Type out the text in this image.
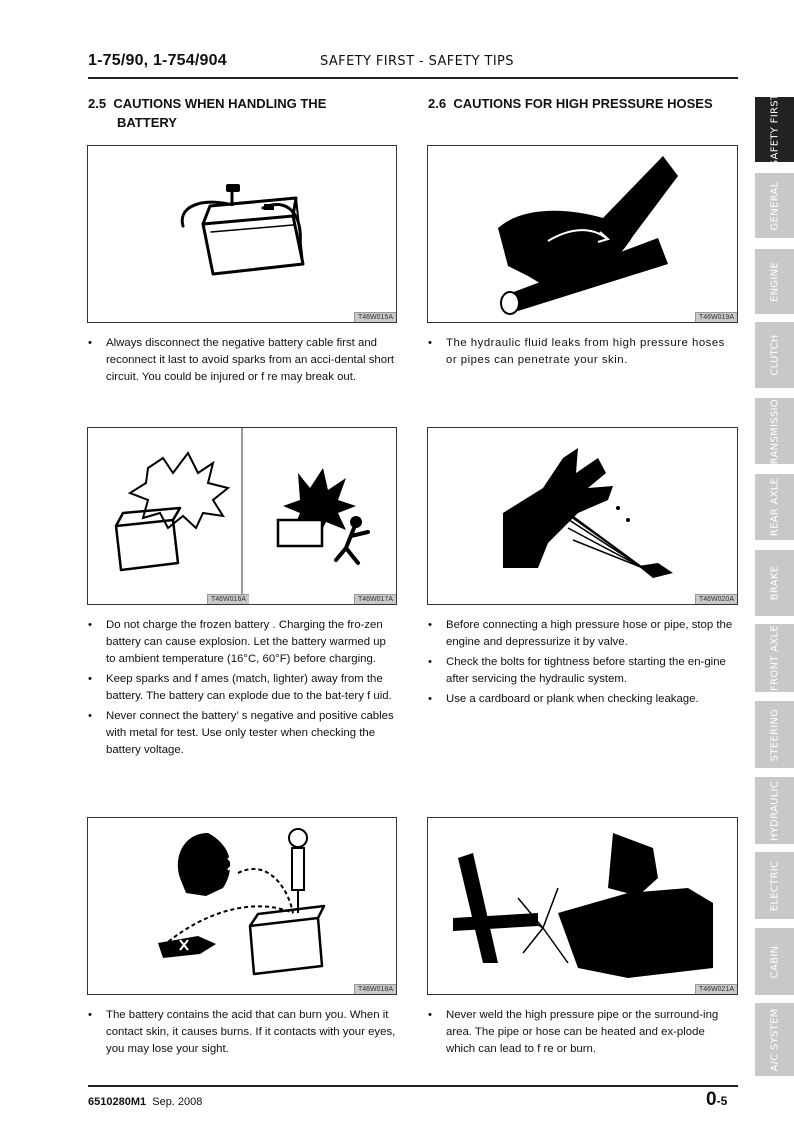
1-75/90, 1-754/904	SAFETY FIRST - SAFETY TIPS
2.5 CAUTIONS WHEN HANDLING THE
BATTERY
2.6 CAUTIONS FOR HIGH PRESSURE HOSES
T46W015A	T46W019A
• Always disconnect the negative battery cable first and reconnect it last to avoid sparks from an acci-dental short circuit. You could be injured or f re may break out.
• The hydraulic fluid leaks from high pressure hoses or pipes can penetrate your skin.
T46W016A	T46W017A	T46W020A
• Do not charge the frozen battery . Charging the fro-zen battery can cause explosion. Let the battery warmed up to ambient temperature (16°C, 60°F) before charging.
• Keep sparks and f ames (match, lighter) away from the battery. The battery can explode due to the bat-tery f uid.
• Never connect the battery’ s negative and positive cables with metal for test. Use only tester when checking the battery voltage.
• Before connecting a high pressure hose or pipe, stop the engine and depressurize it by valve.
• Check the bolts for tightness before starting the en-gine after servicing the hydraulic system.
• Use a cardboard or plank when checking leakage.
T46W018A	T46W021A
• The battery contains the acid that can burn you. When it contact skin, it causes burns. If it contacts with your eyes, you may lose your sight.
• Never weld the high pressure pipe or the surround-ing area. The pipe or hose can be heated and ex-plode which can lead to f re or burn.
SAFETY FIRST
GENERAL
ENGINE
CLUTCH
TRANSMISSION
REAR AXLE
BRAKE
FRONT AXLE
STEERING
HYDRAULIC
ELECTRIC
CABIN
A/C SYSTEM
6510280M1 Sep. 2008	0-5
